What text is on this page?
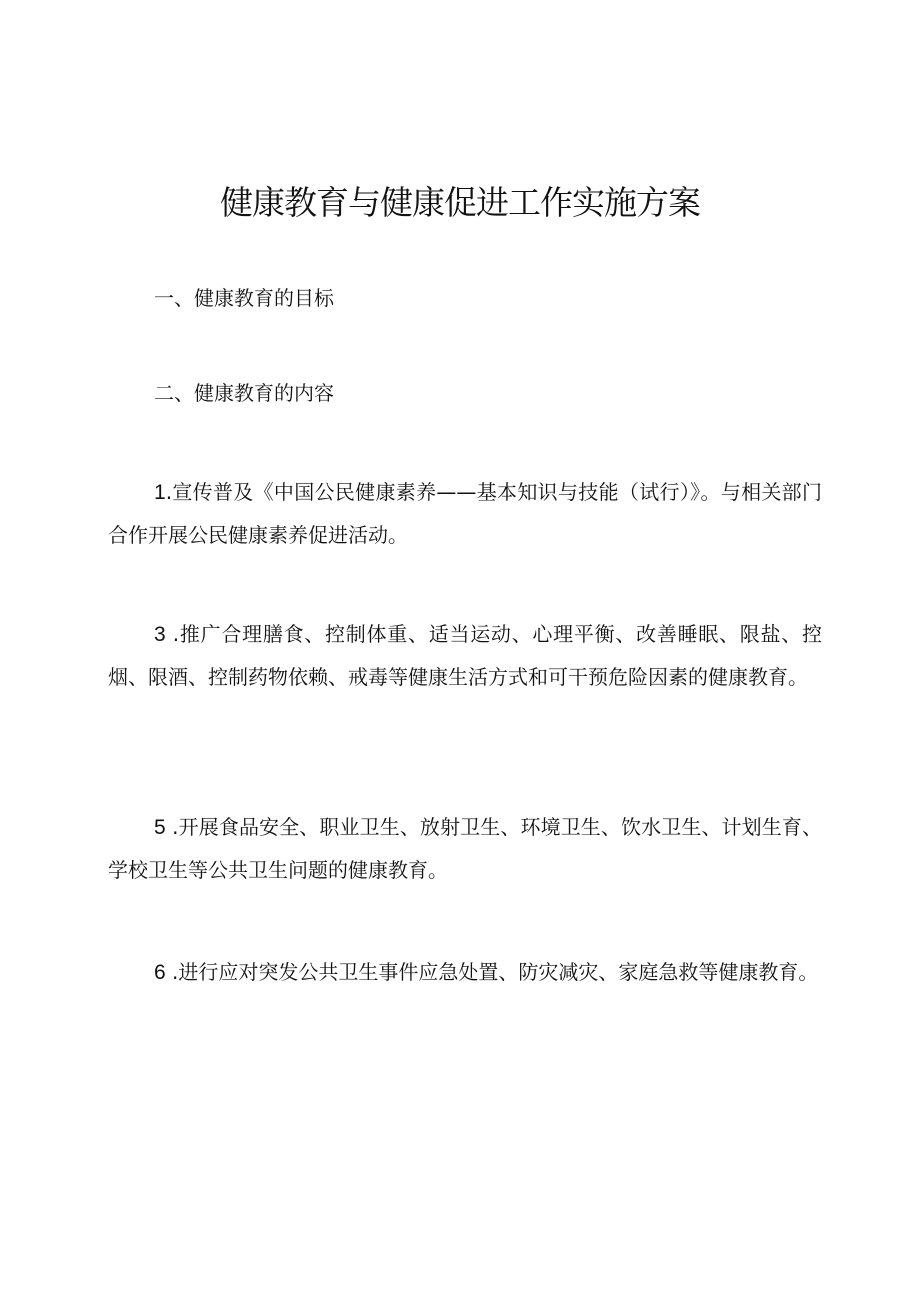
健康教育与健康促进工作实施方案

一、健康教育的目标

二、健康教育的内容

1.宣传普及《中国公民健康素养——基本知识与技能（试行）》。与相关部门合作开展公民健康素养促进活动。

3 .推广合理膳食、控制体重、适当运动、心理平衡、改善睡眠、限盐、控烟、限酒、控制药物依赖、戒毒等健康生活方式和可干预危险因素的健康教育。

5 .开展食品安全、职业卫生、放射卫生、环境卫生、饮水卫生、计划生育、学校卫生等公共卫生问题的健康教育。

6 .进行应对突发公共卫生事件应急处置、防灾减灾、家庭急救等健康教育。
